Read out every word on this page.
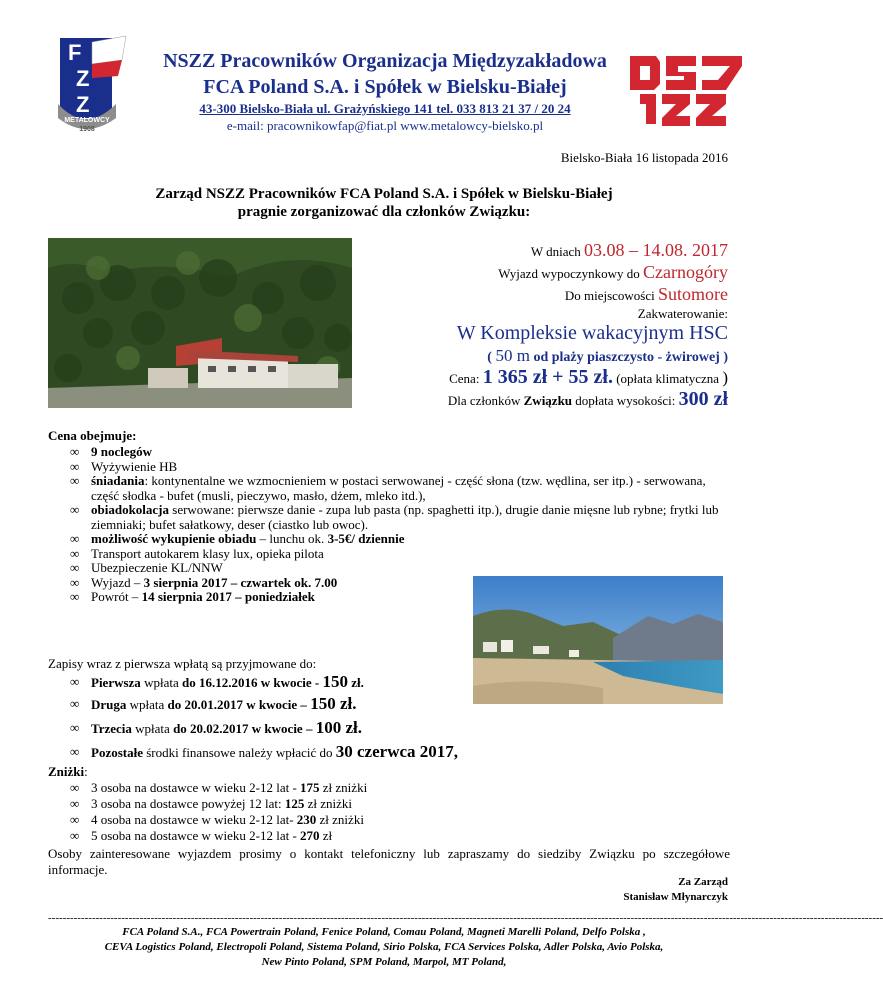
F
Z
Z
METALOWCY
1908
NSZZ Pracowników Organizacja Międzyzakładowa
FCA Poland S.A. i Spółek w Bielsku-Białej
43-300 Bielsko-Biała ul. Grażyńskiego 141 tel. 033 813 21 37 / 20 24
e-mail: pracownikowfap@fiat.pl www.metalowcy-bielsko.pl
Bielsko-Biała 16 listopada 2016
Zarząd NSZZ Pracowników FCA Poland S.A. i Spółek w Bielsku-Białej
pragnie zorganizować dla członków Związku:
W dniach 03.08 – 14.08. 2017
Wyjazd wypoczynkowy do Czarnogóry
Do miejscowości Sutomore
Zakwaterowanie:
W Kompleksie wakacyjnym HSC
( 50 m od plaży piaszczysto - żwirowej )
Cena: 1 365 zł + 55 zł. (opłata klimatyczna )
Dla członków Związku dopłata wysokości: 300 zł
Cena obejmuje:
∞ 9 noclegów
∞ Wyżywienie HB
∞ śniadania: kontynentalne we wzmocnieniem w postaci serwowanej - część słona (tzw. wędlina, ser itp.) - serwowana, część słodka - bufet (musli, pieczywo, masło, dżem, mleko itd.),
∞ obiadokolacja serwowane: pierwsze danie - zupa lub pasta (np. spaghetti itp.), drugie danie mięsne lub rybne; frytki lub ziemniaki; bufet sałatkowy, deser (ciastko lub owoc).
∞ możliwość wykupienie obiadu – lunchu ok. 3-5€/ dziennie
∞ Transport autokarem klasy lux, opieka pilota
∞ Ubezpieczenie KL/NNW
∞ Wyjazd – 3 sierpnia 2017 – czwartek ok. 7.00
∞ Powrót – 14 sierpnia 2017 – poniedziałek
Zapisy wraz z pierwsza wpłatą są przyjmowane do:
∞ Pierwsza wpłata do 16.12.2016 w kwocie - 150 zł.
∞ Druga wpłata do 20.01.2017 w kwocie – 150 zł.
∞ Trzecia wpłata do 20.02.2017 w kwocie – 100 zł.
∞ Pozostałe środki finansowe należy wpłacić do 30 czerwca 2017,
Zniżki:
∞ 3 osoba na dostawce w wieku 2-12 lat - 175 zł zniżki
∞ 3 osoba na dostawce powyżej 12 lat: 125 zł zniżki
∞ 4 osoba na dostawce w wieku 2-12 lat- 230 zł zniżki
∞ 5 osoba na dostawce w wieku 2-12 lat - 270 zł
Osoby zainteresowane wyjazdem prosimy o kontakt telefoniczny lub zapraszamy do siedziby Związku po szczegółowe informacje.
Za Zarząd
Stanisław Młynarczyk
------------------------------------------------------------------------------------------------------------------------------------------------------------------------------------------------------------------------------------
FCA Poland S.A., FCA Powertrain Poland, Fenice Poland, Comau Poland, Magneti Marelli Poland, Delfo Polska ,
CEVA Logistics Poland, Electropoli Poland, Sistema Poland, Sirio Polska, FCA Services Polska, Adler Polska, Avio Polska,
New Pinto Poland, SPM Poland, Marpol, MT Poland,
